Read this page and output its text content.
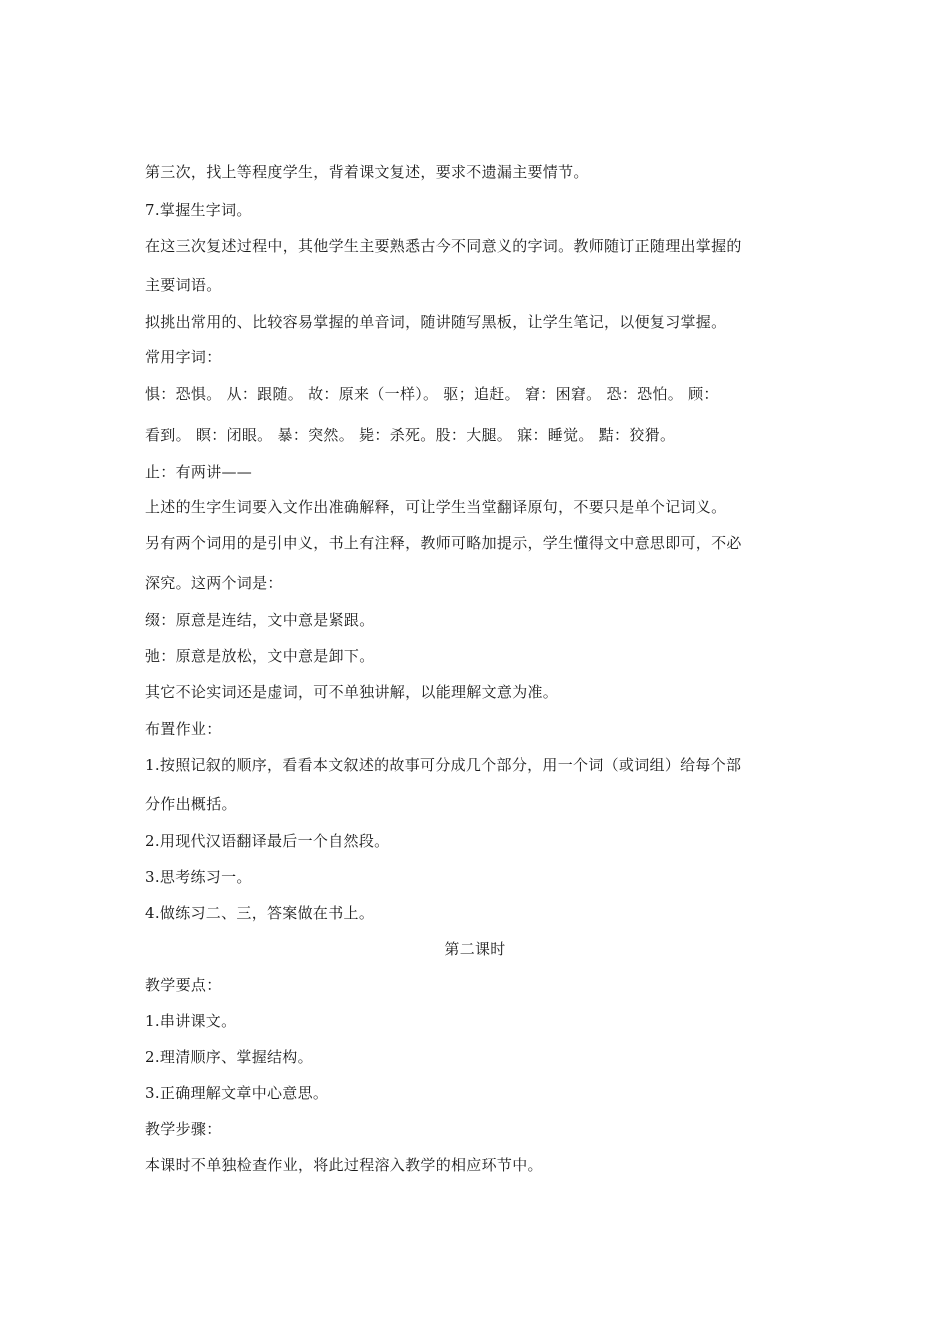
第三次，找上等程度学生，背着课文复述，要求不遗漏主要情节。
7.掌握生字词。
在这三次复述过程中，其他学生主要熟悉古今不同意义的字词。教师随订正随理出掌握的
主要词语。
拟挑出常用的、比较容易掌握的单音词，随讲随写黑板，让学生笔记，以便复习掌握。
常用字词：
惧：恐惧。 从：跟随。 故：原来（一样）。 驱；追赶。 窘：困窘。 恐：恐怕。 顾：
看到。 瞑：闭眼。 暴：突然。 毙：杀死。股：大腿。 寐：睡觉。 黠：狡猾。
止：有两讲——
上述的生字生词要入文作出准确解释，可让学生当堂翻译原句，不要只是单个记词义。
另有两个词用的是引申义，书上有注释，教师可略加提示，学生懂得文中意思即可，不必
深究。这两个词是：
缀：原意是连结，文中意是紧跟。
弛：原意是放松，文中意是卸下。
其它不论实词还是虚词，可不单独讲解，以能理解文意为准。
布置作业：
1.按照记叙的顺序，看看本文叙述的故事可分成几个部分，用一个词（或词组）给每个部
分作出概括。
2.用现代汉语翻译最后一个自然段。
3.思考练习一。
4.做练习二、三，答案做在书上。
第二课时
教学要点：
1.串讲课文。
2.理清顺序、掌握结构。
3.正确理解文章中心意思。
教学步骤：
本课时不单独检查作业，将此过程溶入教学的相应环节中。
